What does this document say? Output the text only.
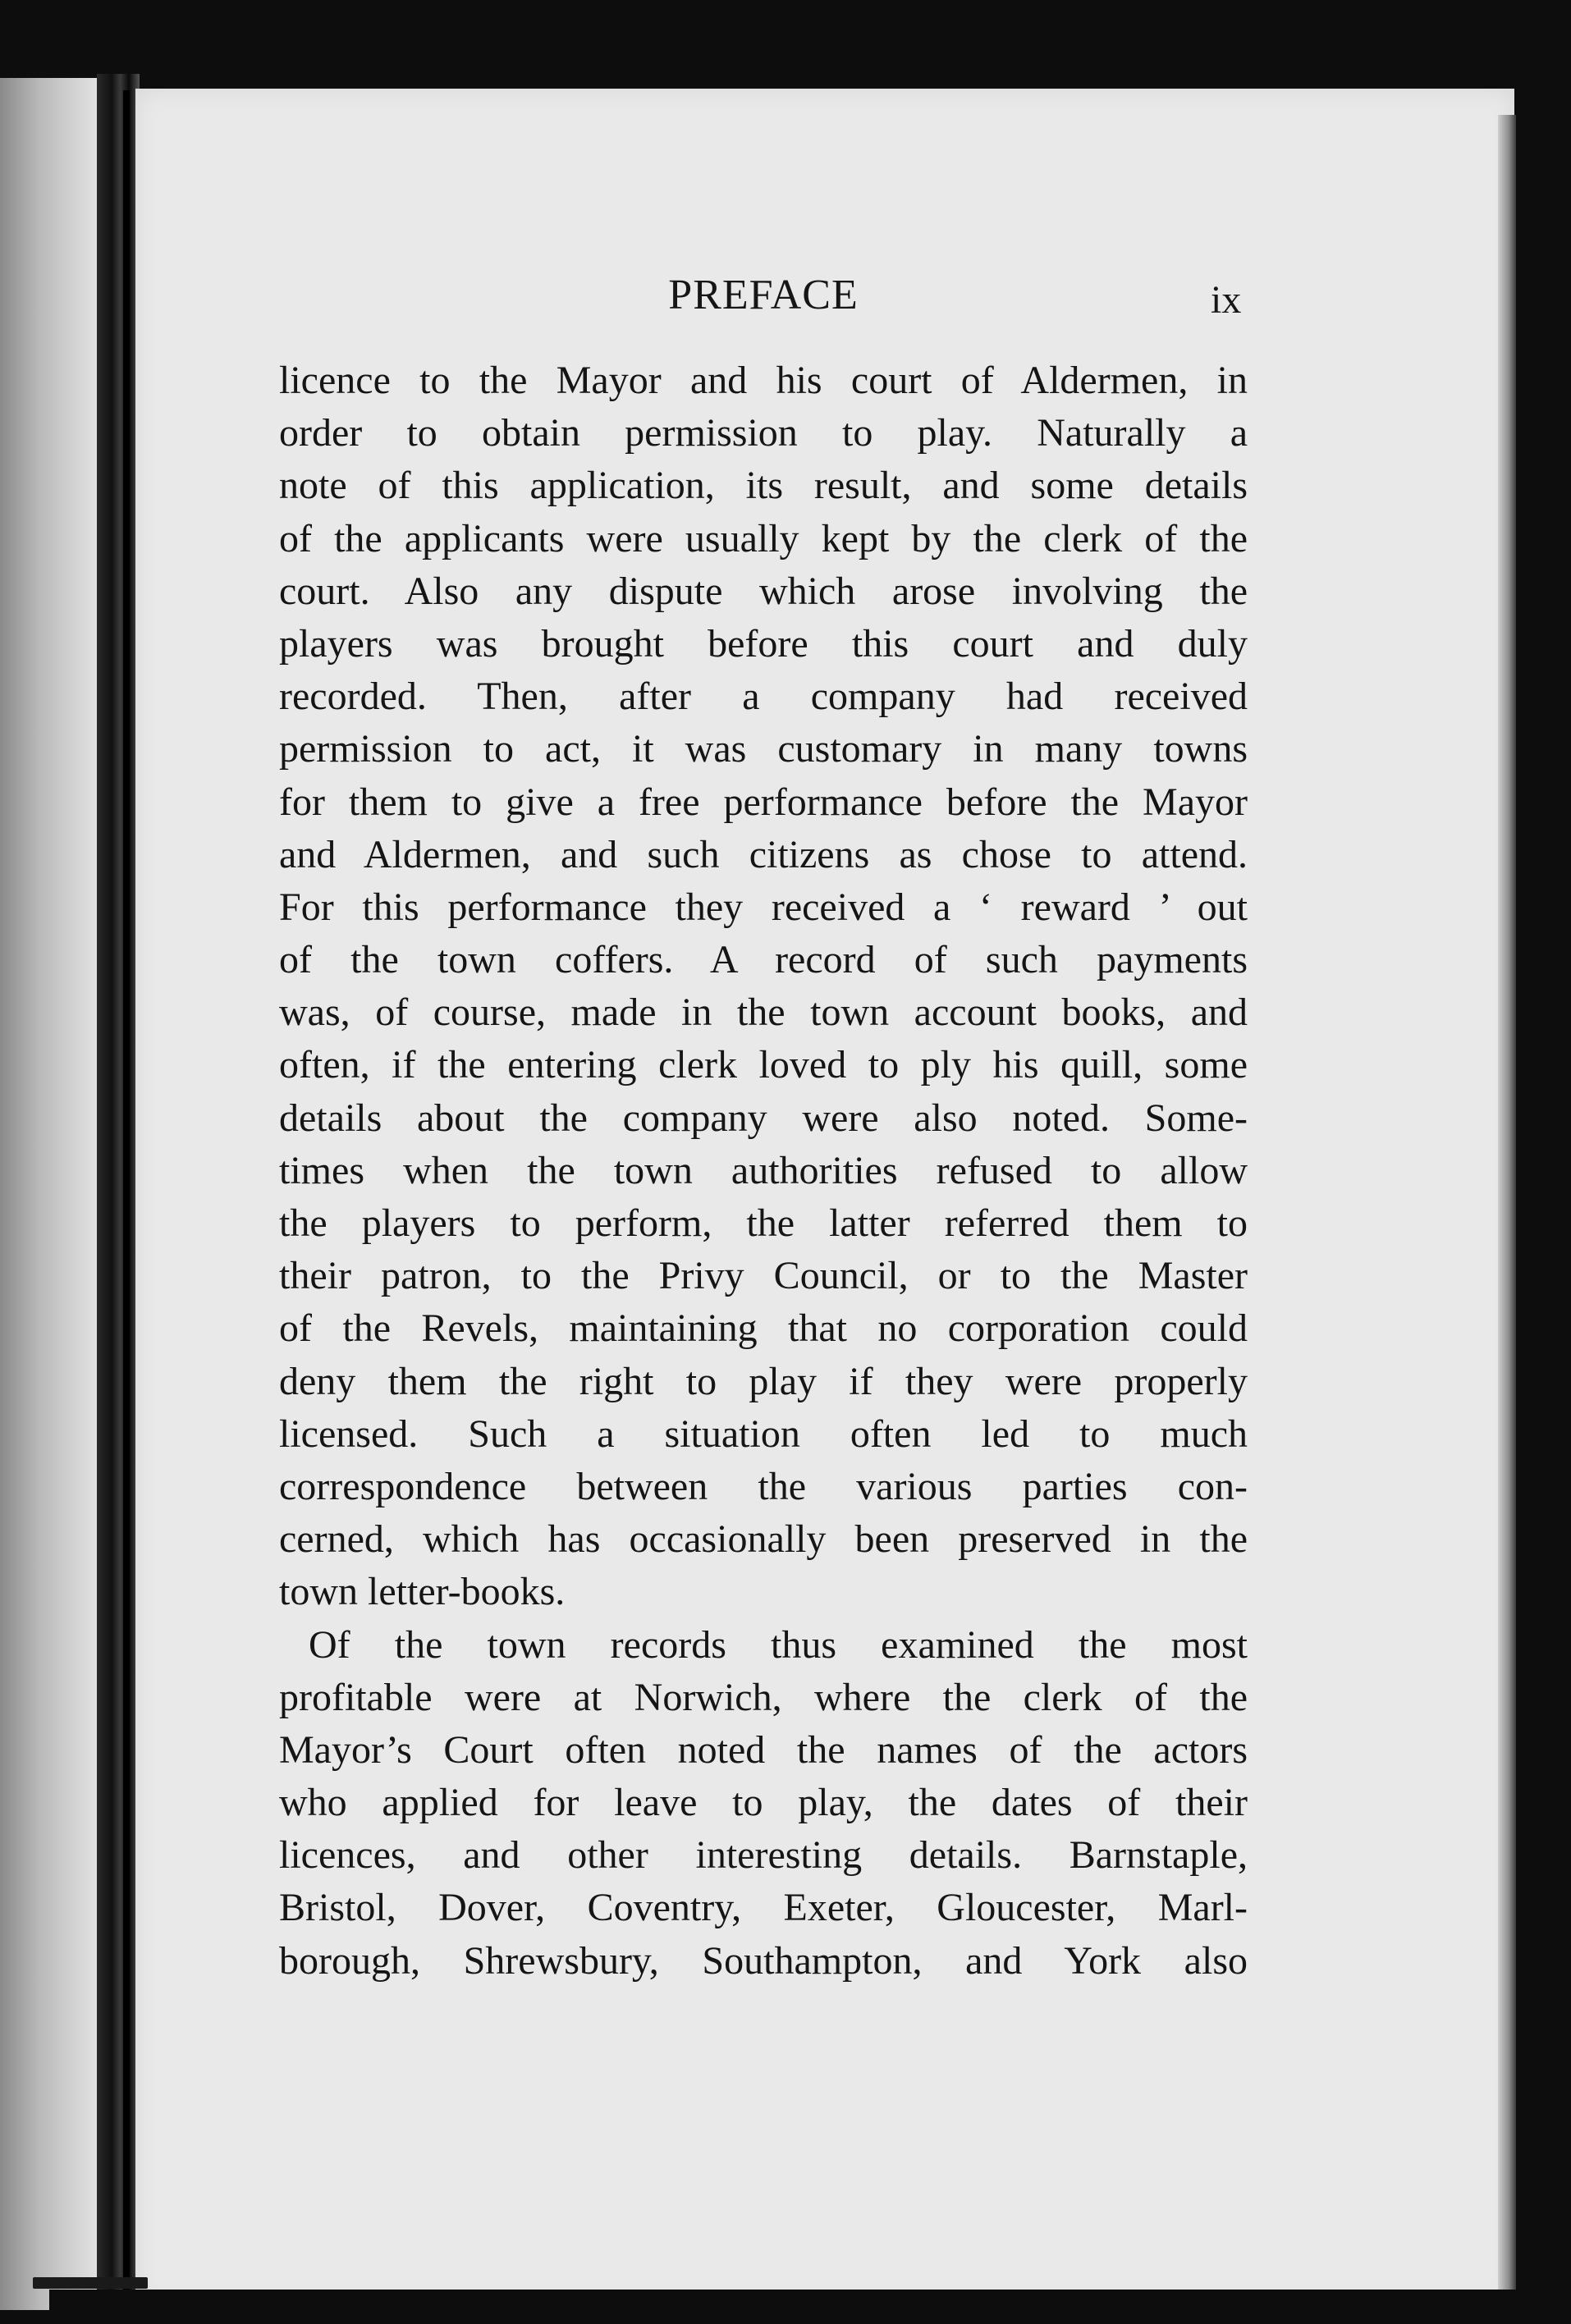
PREFACE	ix
licence to the Mayor and his court of Aldermen, in
order to obtain permission to play. Naturally a
note of this application, its result, and some details
of the applicants were usually kept by the clerk of the
court. Also any dispute which arose involving the
players was brought before this court and duly
recorded. Then, after a company had received
permission to act, it was customary in many towns
for them to give a free performance before the Mayor
and Aldermen, and such citizens as chose to attend.
For this performance they received a ‘ reward ’ out
of the town coffers. A record of such payments
was, of course, made in the town account books, and
often, if the entering clerk loved to ply his quill, some
details about the company were also noted. Some-
times when the town authorities refused to allow
the players to perform, the latter referred them to
their patron, to the Privy Council, or to the Master
of the Revels, maintaining that no corporation could
deny them the right to play if they were properly
licensed. Such a situation often led to much
correspondence between the various parties con-
cerned, which has occasionally been preserved in the
town letter-books.
Of the town records thus examined the most
profitable were at Norwich, where the clerk of the
Mayor’s Court often noted the names of the actors
who applied for leave to play, the dates of their
licences, and other interesting details. Barnstaple,
Bristol, Dover, Coventry, Exeter, Gloucester, Marl-
borough, Shrewsbury, Southampton, and York also
